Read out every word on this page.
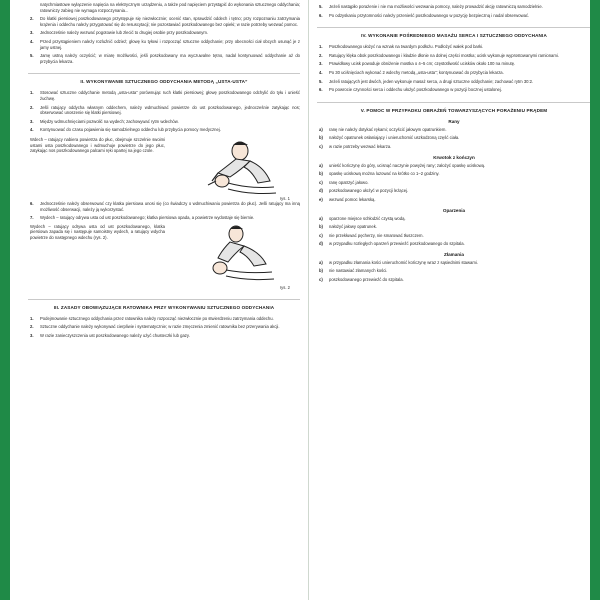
natychmiastowe wyłączenie napięcia na elektrycznym urządzeniu, a także pod napięciem przystąpić do wykonania sztucznego oddychania; ratowniczy zabieg nie wymaga rozpoczynania...
2. Do klatki piersiowej poszkodowanego przystępuje się niezwłocznie; ocenić stan, sprawdzić oddech i tętno; przy rozpoznaniu zatrzymania krążenia i oddechu należy przygotować się do resuscytacji; nie pozostawiać poszkodowanego bez opieki; w razie potrzeby wezwać pomoc.
3. Jednocześnie należy wezwać pogotowie lub zlecić to drugiej osobie przy poszkodowanym.
4. Przed przystąpieniem należy rozluźnić odzież; głowę ku tyłowi i rozpocząć sztuczne oddychanie; przy obecności ciał obcych usunąć je z jamy ustnej.
5. Jamę ustną należy oczyścić; w miarę możliwości, jeśli poszkodowany ma wyczuwalne tętno, nadal kontynuować oddychanie aż do przybycia lekarza.
II. WYKONYWANIE SZTUCZNEGO ODDYCHANIA METODĄ „USTA-USTA”
1. Stosować sztuczne oddychanie metodą „usta-usta” porównując ruch klatki piersiowej; głowę poszkodowanego odchylić do tyłu i unieść żuchwę.
2. Jeśli ratujący oddycha własnym oddechem, należy wdmuchiwać powietrze do ust poszkodowanego, jednocześnie zatykając nos; obserwować unoszenie się klatki piersiowej.
3. Między wdmuchnięciami pozwolić na wydech; zachowywać rytm wdechów.
4. Kontynuować do czasu pojawienia się samodzielnego oddechu lub przybycia pomocy medycznej.
Wdech – ratujący nabiera powietrza do płuc, obejmuje szczelnie swoimi ustami usta poszkodowanego i wdmuchuje powietrze do jego płuc, zatykając nos poszkodowanego palcami ręki opartej na jego czole.
rys. 1
6. Jednocześnie należy obserwować czy klatka piersiowa unosi się (co świadczy o wdmuchiwaniu powietrza do płuc). Jeśli ratujący ma inną możliwość obserwacji, należy ją wykorzystać.
7. Wydech – ratujący odrywa usta od ust poszkodowanego; klatka piersiowa opada, a powietrze wydostaje się biernie.
Wydech – ratujący odrywa usta od ust poszkodowanego, klatka piersiowa zapada się i następuje samoistny wydech, a ratujący wdycha powietrze do następnego wdechu (rys. 2).
rys. 2
III. ZASADY OBOWIĄZUJĄCE RATOWNIKA PRZY WYKONYWANIU SZTUCZNEGO ODDYCHANIA
1. Podejmowanie sztucznego oddychania przez ratownika należy rozpocząć niezwłocznie po stwierdzeniu zatrzymania oddechu.
2. Sztuczne oddychanie należy wykonywać cierpliwie i systematycznie; w razie zmęczenia zmienić ratownika bez przerywania akcji.
3. W razie zanieczyszczenia ust poszkodowanego należy użyć chusteczki lub gazy.
5. Jeżeli nastąpiło porażenie i nie ma możliwości wezwania pomocy, należy prowadzić akcję ratowniczą samodzielnie.
6. Po odzyskaniu przytomności należy przenieść poszkodowanego w pozycję bezpieczną i nadal obserwować.
IV. WYKONANIE POŚREDNIEGO MASAŻU SERCA I SZTUCZNEGO ODDYCHANIA
1. Poszkodowanego ułożyć na wznak na twardym podłożu. Podłożyć wałek pod barki.
2. Ratujący klęka obok poszkodowanego i kładzie dłonie na dolnej części mostka; ucisk wykonuje wyprostowanymi ramionami.
3. Prawidłowy ucisk powoduje obniżenie mostka o 4–5 cm; częstotliwość ucisków około 100 na minutę.
4. Po 30 uciśnięciach wykonać 2 wdechy metodą „usta-usta”; kontynuować do przybycia lekarza.
5. Jeżeli ratujących jest dwóch, jeden wykonuje masaż serca, a drugi sztuczne oddychanie; zachować rytm 30:2.
6. Po powrocie czynności serca i oddechu ułożyć poszkodowanego w pozycji bocznej ustalonej.
V. POMOC W PRZYPADKU OBRAŻEŃ TOWARZYSZĄCYCH PORAŻENIU PRĄDEM
Rany
a) ranę nie należy dotykać rękami; oczyścić jałowym opatrunkiem.
b) nałożyć opatrunek osłaniający i unieruchomić uszkodzoną część ciała.
c) w razie potrzeby wezwać lekarza.
Krwotok z kończyn
a) unieść kończynę do góry, ucisnąć naczynie powyżej rany; założyć opaskę uciskową.
b) opaskę uciskową można luzować na krótko co 1–2 godziny.
c) ranę opatrzyć jałowo.
d) poszkodowanego ułożyć w pozycji leżącej.
e) wezwać pomoc lekarską.
Oparzenia
a) oparzone miejsce schłodzić czystą wodą.
b) nałożyć jałowy opatrunek.
c) nie przekłuwać pęcherzy, nie smarować tłuszczem.
d) w przypadku rozległych oparzeń przewieźć poszkodowanego do szpitala.
Złamania
a) w przypadku złamania kości unieruchomić kończynę wraz z sąsiednimi stawami.
b) nie nastawiać złamanych kości.
c) poszkodowanego przewieźć do szpitala.
